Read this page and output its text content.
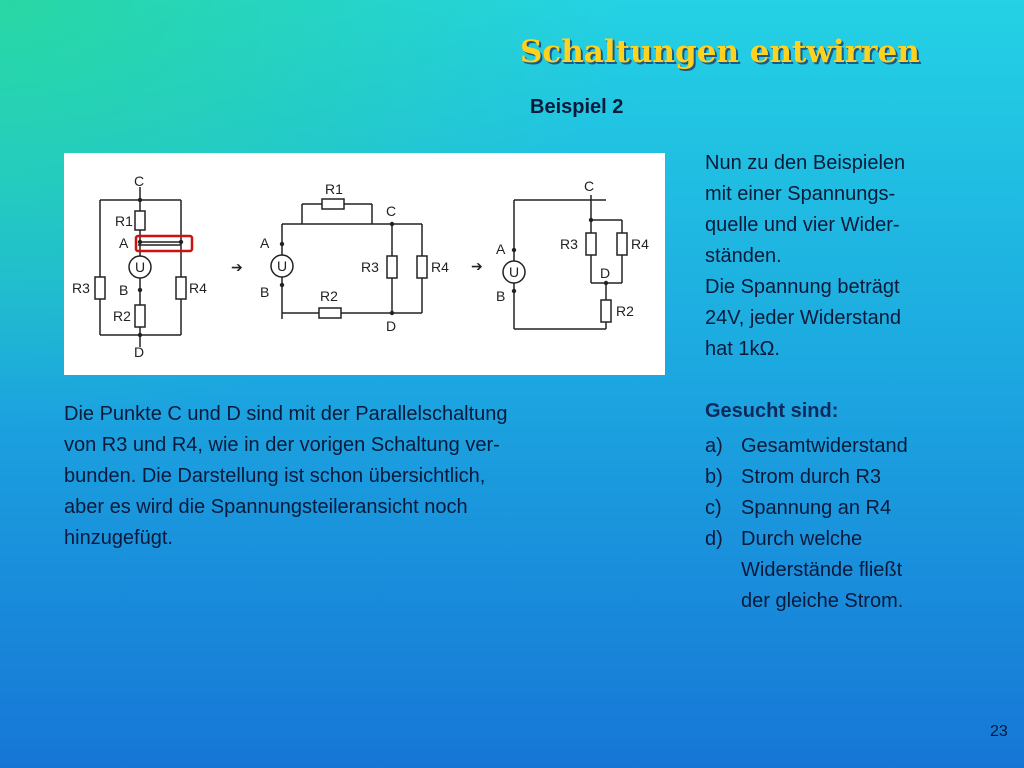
Schaltungen entwirren
Beispiel 2
C
R1
A
U
R3	R4
B
R2
D
➔
R1
C
A
U	R3	R4
B	R2
D
➔
C
R3	R4
A
U	D
B
R2
Nun zu den Beispielen
mit einer Spannungs-
quelle und vier Wider-
ständen.
Die Spannung beträgt
24V, jeder Widerstand
hat 1kΩ.
Die Punkte C und D sind mit der Parallelschaltung
von R3 und R4, wie in der vorigen Schaltung ver-
bunden. Die Darstellung ist schon übersichtlich,
aber es wird die Spannungsteileransicht noch
hinzugefügt.
Gesucht sind:
a) Gesamtwiderstand
b) Strom durch R3
c) Spannung an R4
d) Durch welche
Widerstände fließt
der gleiche Strom.
23
